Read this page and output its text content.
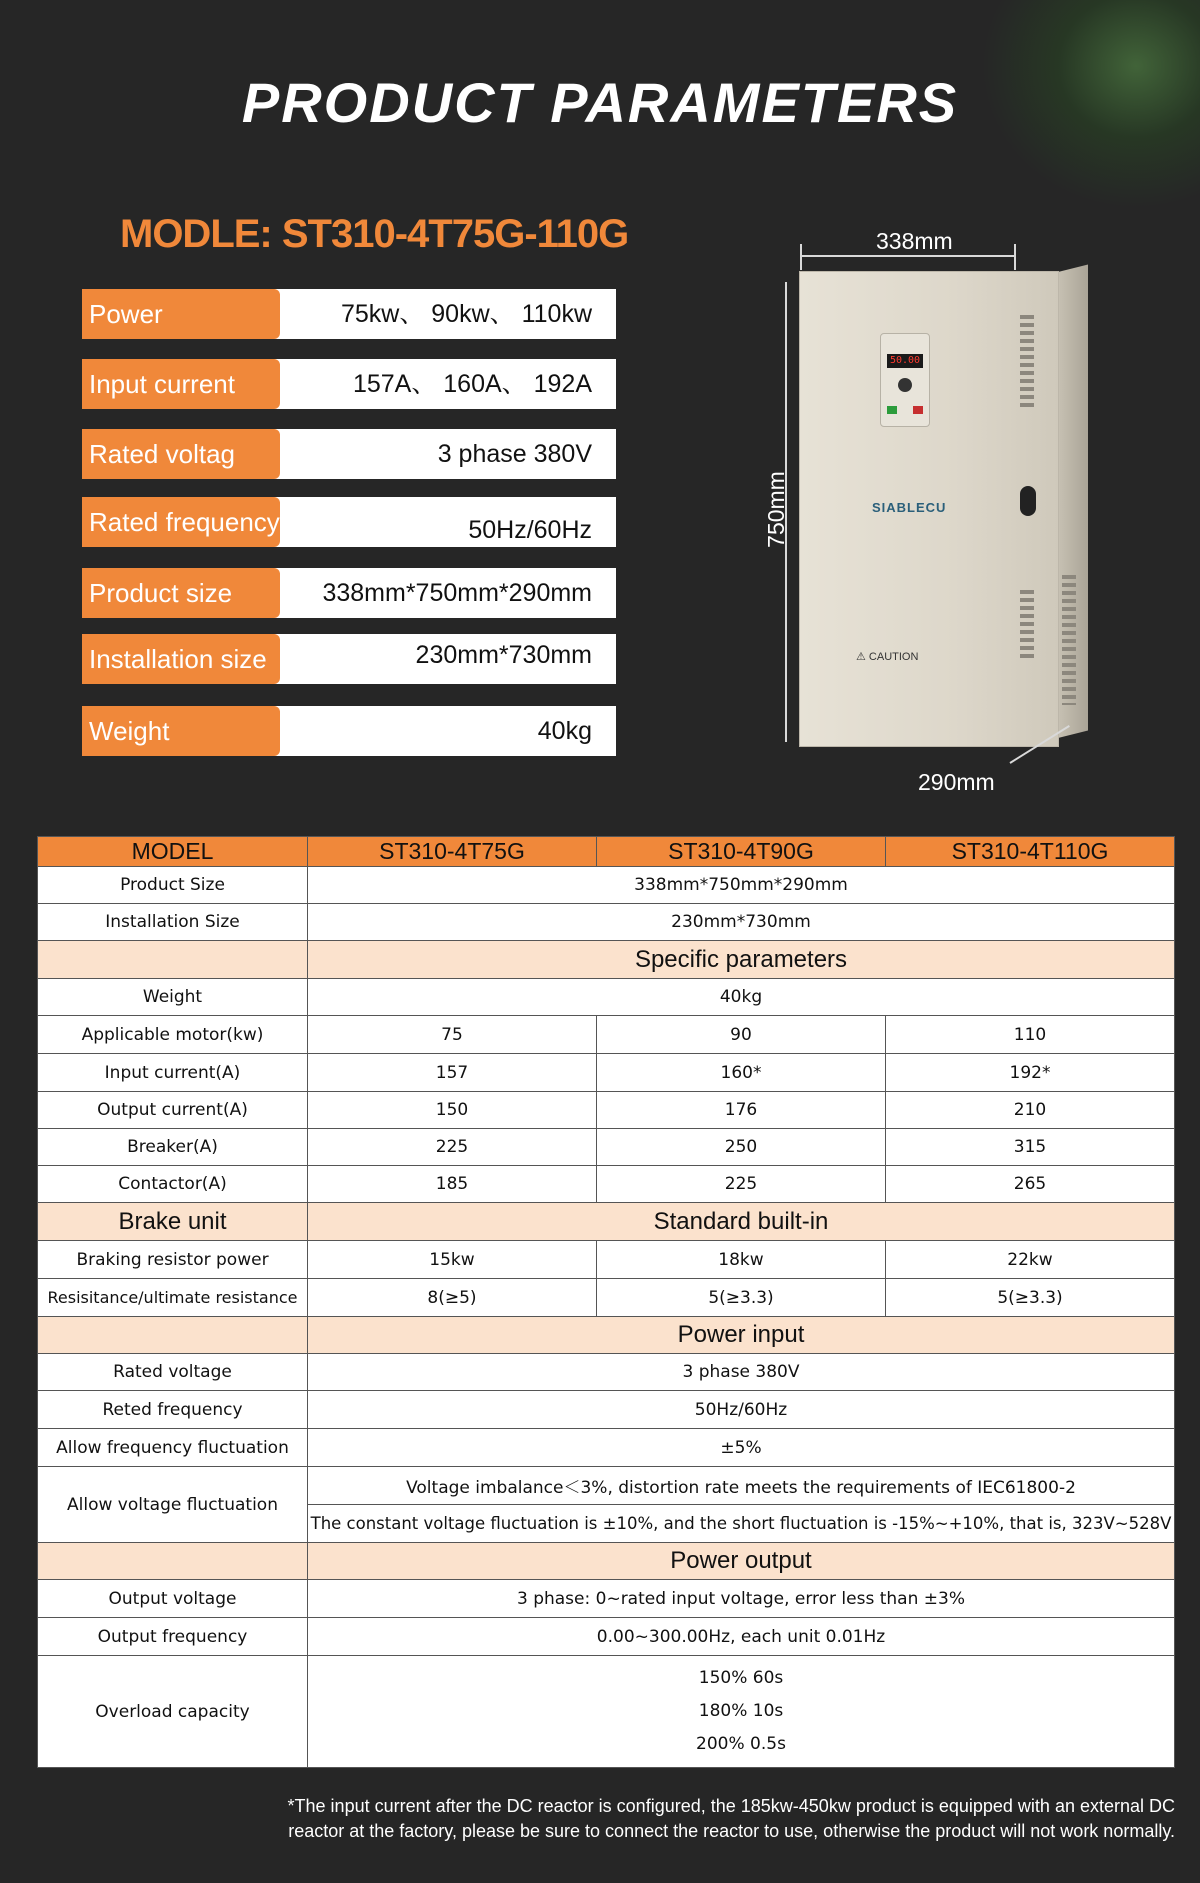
PRODUCT PARAMETERS
MODLE: ST310-4T75G-110G
Power	75kw、 90kw、 110kw
Input current	157A、 160A、 192A
Rated voltag	3 phase 380V
Rated frequency	50Hz/60Hz
Product size	338mm*750mm*290mm
Installation size	230mm*730mm
Weight	40kg
338mm
750mm
50.00
SIABLECU
⚠ CAUTION
290mm
MODEL	ST310-4T75G	ST310-4T90G	ST310-4T110G
Product Size	338mm*750mm*290mm		
Installation Size	230mm*730mm		
	Specific parameters		
Weight	40kg		
Applicable motor(kw)	75	90	110
Input current(A)	157	160*	192*
Output current(A)	150	176	210
Breaker(A)	225	250	315
Contactor(A)	185	225	265
Brake unit	Standard built-in		
Braking resistor power	15kw	18kw	22kw
Resisitance/ultimate resistance	8(≥5)	5(≥3.3)	5(≥3.3)
	Power input		
Rated voltage	3 phase 380V		
Reted frequency	50Hz/60Hz		
Allow frequency fluctuation	±5%		
Allow voltage fluctuation	Voltage imbalance＜3%, distortion rate meets the requirements of IEC61800-2		
	The constant voltage fluctuation is ±10%, and the short fluctuation is -15%~+10%, that is, 323V~528V		
	Power output		
Output voltage	3 phase: 0~rated input voltage, error less than ±3%		
Output frequency	0.00~300.00Hz, each unit 0.01Hz		
Overload capacity	150% 60s
180% 10s
200% 0.5s		
*The input current after the DC reactor is configured, the 185kw-450kw product is equipped with an external DC
reactor at the factory, please be sure to connect the reactor to use, otherwise the product will not work normally.
